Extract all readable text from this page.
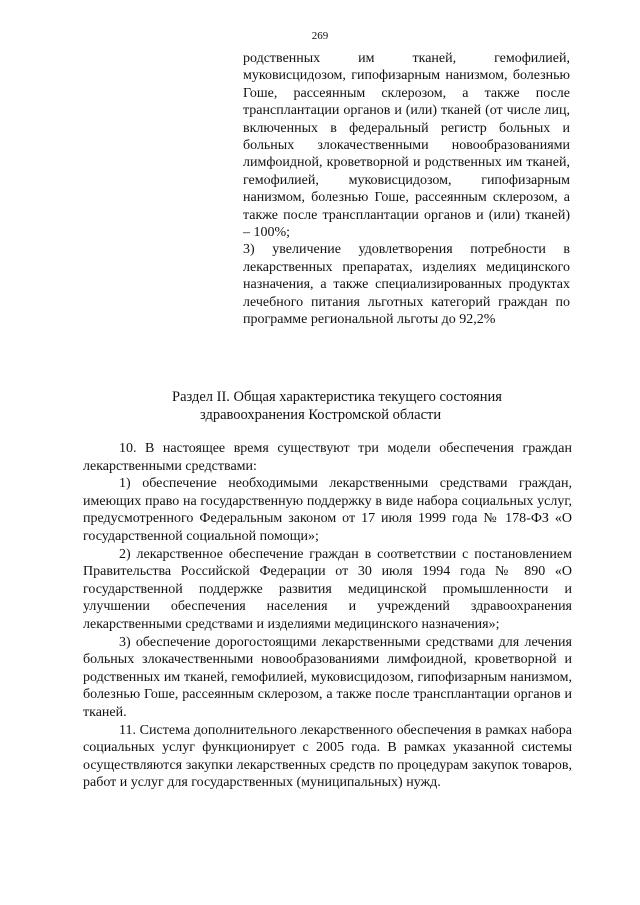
269

родственных им тканей, гемофилией, муковисцидозом, гипофизарным нанизмом, болезнью Гоше, рассеянным склерозом, а также после трансплантации органов и (или) тканей (от числе лиц, включенных в федеральный регистр больных и больных злокачественными новообразованиями лимфоидной, кроветворной и родственных им тканей, гемофилией, муковисцидозом, гипофизарным нанизмом, болезнью Гоше, рассеянным склерозом, а также после трансплантации органов и (или) тканей) – 100%;

3) увеличение удовлетворения потребности в лекарственных препаратах, изделиях медицинского назначения, а также специализированных продуктах лечебного питания льготных категорий граждан по программе региональной льготы до 92,2%

Раздел II. Общая характеристика текущего состояния
здравоохранения Костромской области

10. В настоящее время существуют три модели обеспечения граждан лекарственными средствами:

1) обеспечение необходимыми лекарственными средствами граждан, имеющих право на государственную поддержку в виде набора социальных услуг, предусмотренного Федеральным законом от 17 июля 1999 года № 178-ФЗ «О государственной социальной помощи»;

2) лекарственное обеспечение граждан в соответствии с постановлением Правительства Российской Федерации от 30 июля 1994 года № 890 «О государственной поддержке развития медицинской промышленности и улучшении обеспечения населения и учреждений здравоохранения лекарственными средствами и изделиями медицинского назначения»;

3) обеспечение дорогостоящими лекарственными средствами для лечения больных злокачественными новообразованиями лимфоидной, кроветворной и родственных им тканей, гемофилией, муковисцидозом, гипофизарным нанизмом, болезнью Гоше, рассеянным склерозом, а также после трансплантации органов и тканей.

11. Система дополнительного лекарственного обеспечения в рамках набора социальных услуг функционирует с 2005 года. В рамках указанной системы осуществляются закупки лекарственных средств по процедурам закупок товаров, работ и услуг для государственных (муниципальных) нужд.
